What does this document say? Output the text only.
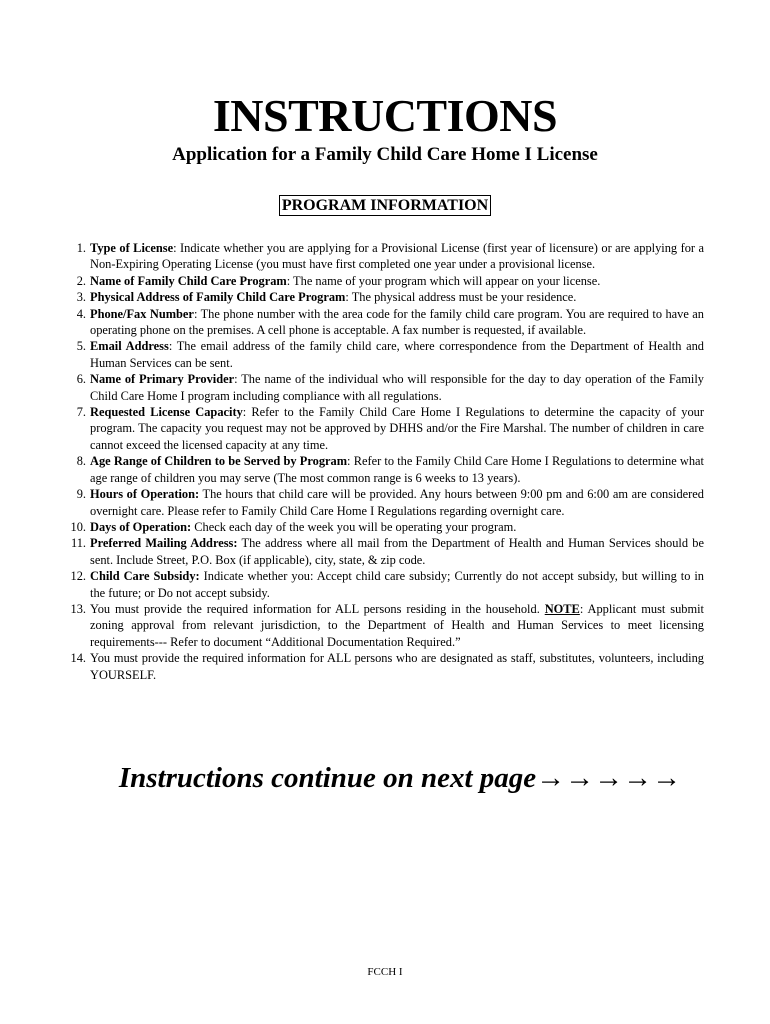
INSTRUCTIONS
Application for a Family Child Care Home I License
PROGRAM INFORMATION
1. Type of License: Indicate whether you are applying for a Provisional License (first year of licensure) or are applying for a Non-Expiring Operating License (you must have first completed one year under a provisional license.
2. Name of Family Child Care Program: The name of your program which will appear on your license.
3. Physical Address of Family Child Care Program: The physical address must be your residence.
4. Phone/Fax Number: The phone number with the area code for the family child care program. You are required to have an operating phone on the premises. A cell phone is acceptable. A fax number is requested, if available.
5. Email Address: The email address of the family child care, where correspondence from the Department of Health and Human Services can be sent.
6. Name of Primary Provider: The name of the individual who will responsible for the day to day operation of the Family Child Care Home I program including compliance with all regulations.
7. Requested License Capacity: Refer to the Family Child Care Home I Regulations to determine the capacity of your program. The capacity you request may not be approved by DHHS and/or the Fire Marshal. The number of children in care cannot exceed the licensed capacity at any time.
8. Age Range of Children to be Served by Program: Refer to the Family Child Care Home I Regulations to determine what age range of children you may serve (The most common range is 6 weeks to 13 years).
9. Hours of Operation: The hours that child care will be provided. Any hours between 9:00 pm and 6:00 am are considered overnight care. Please refer to Family Child Care Home I Regulations regarding overnight care.
10. Days of Operation: Check each day of the week you will be operating your program.
11. Preferred Mailing Address: The address where all mail from the Department of Health and Human Services should be sent. Include Street, P.O. Box (if applicable), city, state, & zip code.
12. Child Care Subsidy: Indicate whether you: Accept child care subsidy; Currently do not accept subsidy, but willing to in the future; or Do not accept subsidy.
13. You must provide the required information for ALL persons residing in the household. NOTE: Applicant must submit zoning approval from relevant jurisdiction, to the Department of Health and Human Services to meet licensing requirements--- Refer to document “Additional Documentation Required.”
14. You must provide the required information for ALL persons who are designated as staff, substitutes, volunteers, including YOURSELF.
Instructions continue on next page→→→→→
FCCH I
